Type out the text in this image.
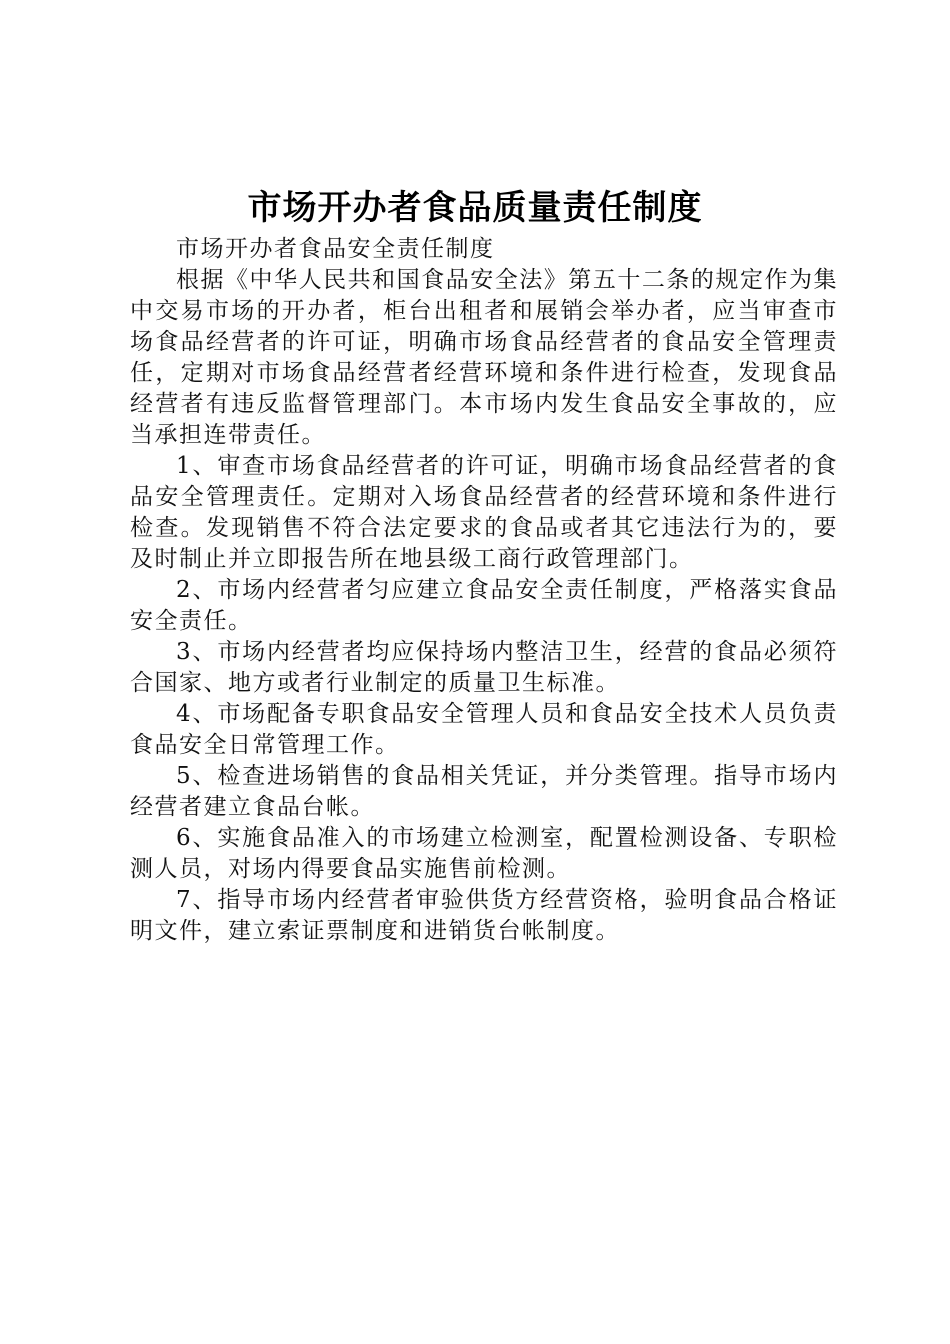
市场开办者食品质量责任制度

市场开办者食品安全责任制度

根据《中华人民共和国食品安全法》第五十二条的规定作为集中交易市场的开办者，柜台出租者和展销会举办者，应当审查市场食品经营者的许可证，明确市场食品经营者的食品安全管理责任，定期对市场食品经营者经营环境和条件进行检查，发现食品经营者有违反监督管理部门。本市场内发生食品安全事故的，应当承担连带责任。

1、审查市场食品经营者的许可证，明确市场食品经营者的食品安全管理责任。定期对入场食品经营者的经营环境和条件进行检查。发现销售不符合法定要求的食品或者其它违法行为的，要及时制止并立即报告所在地县级工商行政管理部门。

2、市场内经营者匀应建立食品安全责任制度，严格落实食品安全责任。

3、市场内经营者均应保持场内整洁卫生，经营的食品必须符合国家、地方或者行业制定的质量卫生标准。

4、市场配备专职食品安全管理人员和食品安全技术人员负责食品安全日常管理工作。

5、检查进场销售的食品相关凭证，并分类管理。指导市场内经营者建立食品台帐。

6、实施食品准入的市场建立检测室，配置检测设备、专职检测人员，对场内得要食品实施售前检测。

7、指导市场内经营者审验供货方经营资格，验明食品合格证明文件，建立索证票制度和进销货台帐制度。
